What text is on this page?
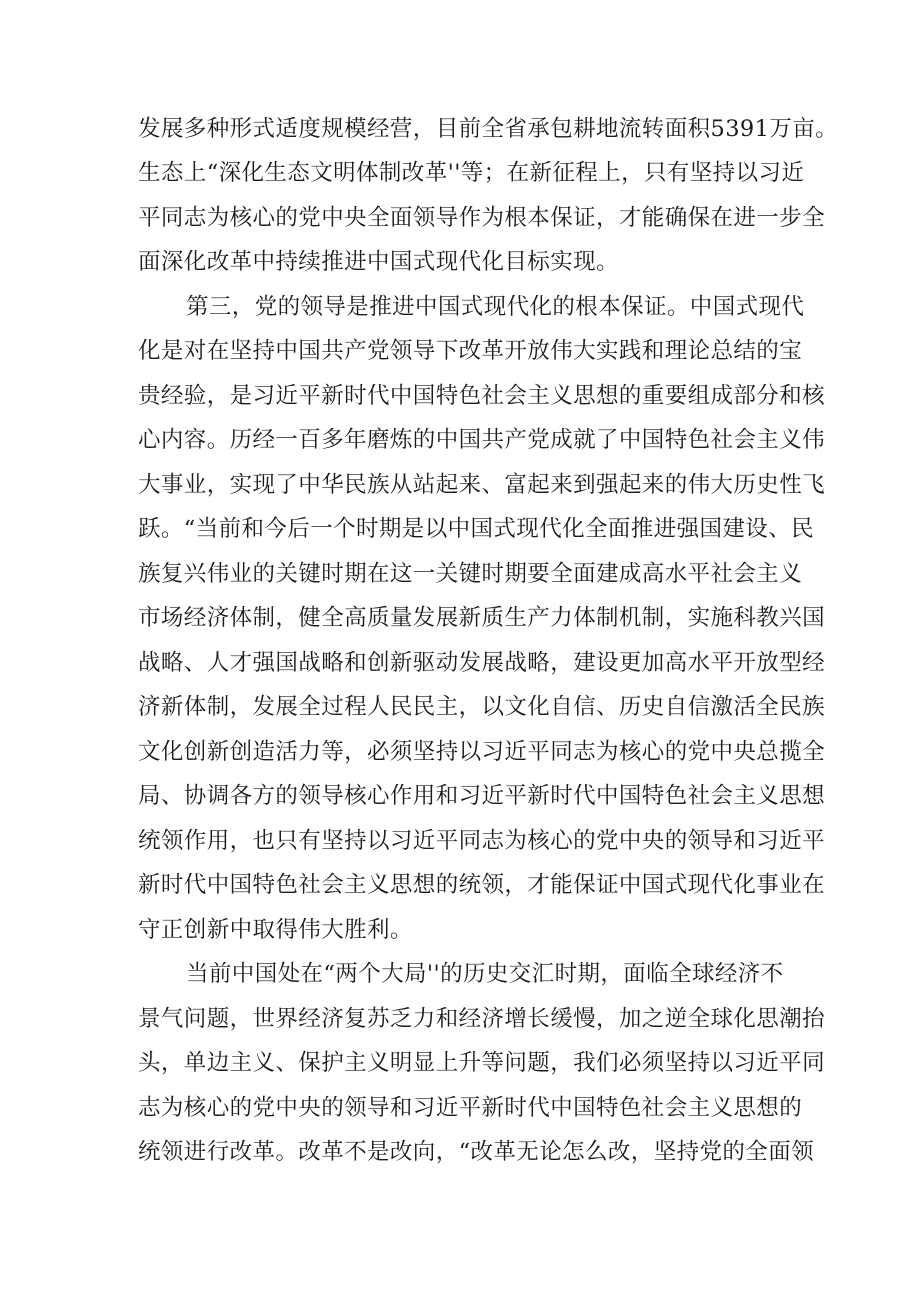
发展多种形式适度规模经营，目前全省承包耕地流转面积5391万亩。
生态上“深化生态文明体制改革''等；在新征程上，只有坚持以习近
平同志为核心的党中央全面领导作为根本保证，才能确保在进一步全
面深化改革中持续推进中国式现代化目标实现。
第三，党的领导是推进中国式现代化的根本保证。中国式现代
化是对在坚持中国共产党领导下改革开放伟大实践和理论总结的宝
贵经验，是习近平新时代中国特色社会主义思想的重要组成部分和核
心内容。历经一百多年磨炼的中国共产党成就了中国特色社会主义伟
大事业，实现了中华民族从站起来、富起来到强起来的伟大历史性飞
跃。“当前和今后一个时期是以中国式现代化全面推进强国建设、民
族复兴伟业的关键时期在这一关键时期要全面建成高水平社会主义
市场经济体制，健全高质量发展新质生产力体制机制，实施科教兴国
战略、人才强国战略和创新驱动发展战略，建设更加高水平开放型经
济新体制，发展全过程人民民主，以文化自信、历史自信激活全民族
文化创新创造活力等，必须坚持以习近平同志为核心的党中央总揽全
局、协调各方的领导核心作用和习近平新时代中国特色社会主义思想
统领作用，也只有坚持以习近平同志为核心的党中央的领导和习近平
新时代中国特色社会主义思想的统领，才能保证中国式现代化事业在
守正创新中取得伟大胜利。
当前中国处在“两个大局''的历史交汇时期，面临全球经济不
景气问题，世界经济复苏乏力和经济增长缓慢，加之逆全球化思潮抬
头，单边主义、保护主义明显上升等问题，我们必须坚持以习近平同
志为核心的党中央的领导和习近平新时代中国特色社会主义思想的
统领进行改革。改革不是改向，“改革无论怎么改，坚持党的全面领
